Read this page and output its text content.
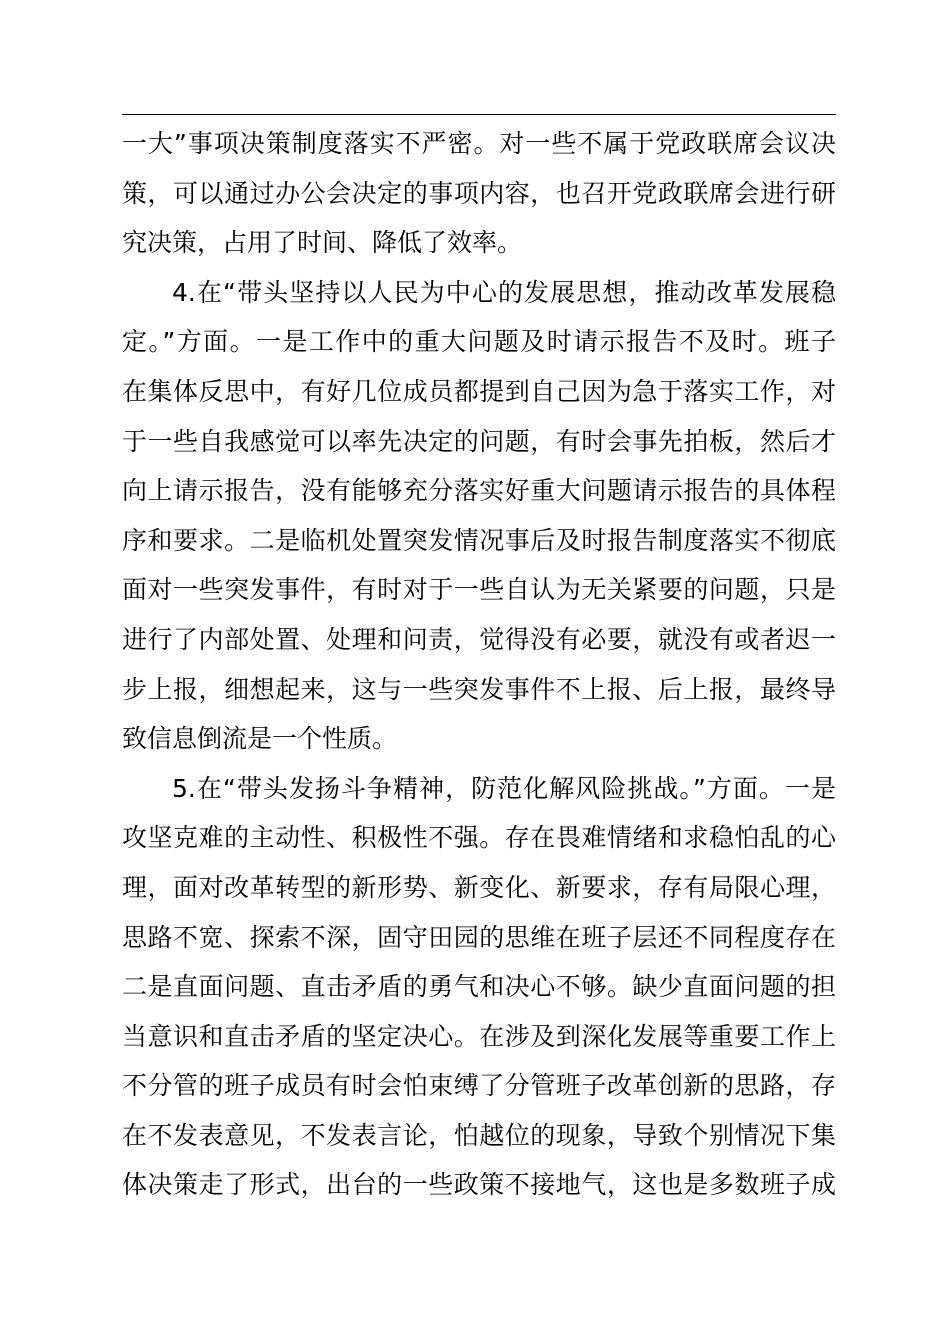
一大”事项决策制度落实不严密。对一些不属于党政联席会议决
策，可以通过办公会决定的事项内容，也召开党政联席会进行研
究决策，占用了时间、降低了效率。
4.在“带头坚持以人民为中心的发展思想，推动改革发展稳
定。”方面。一是工作中的重大问题及时请示报告不及时。班子
在集体反思中，有好几位成员都提到自己因为急于落实工作，对
于一些自我感觉可以率先决定的问题，有时会事先拍板，然后才
向上请示报告，没有能够充分落实好重大问题请示报告的具体程
序和要求。二是临机处置突发情况事后及时报告制度落实不彻底
面对一些突发事件，有时对于一些自认为无关紧要的问题，只是
进行了内部处置、处理和问责，觉得没有必要，就没有或者迟一
步上报，细想起来，这与一些突发事件不上报、后上报，最终导
致信息倒流是一个性质。
5.在“带头发扬斗争精神，防范化解风险挑战。”方面。一是
攻坚克难的主动性、积极性不强。存在畏难情绪和求稳怕乱的心
理，面对改革转型的新形势、新变化、新要求，存有局限心理，
思路不宽、探索不深，固守田园的思维在班子层还不同程度存在
二是直面问题、直击矛盾的勇气和决心不够。缺少直面问题的担
当意识和直击矛盾的坚定决心。在涉及到深化发展等重要工作上
不分管的班子成员有时会怕束缚了分管班子改革创新的思路，存
在不发表意见，不发表言论，怕越位的现象，导致个别情况下集
体决策走了形式，出台的一些政策不接地气，这也是多数班子成
